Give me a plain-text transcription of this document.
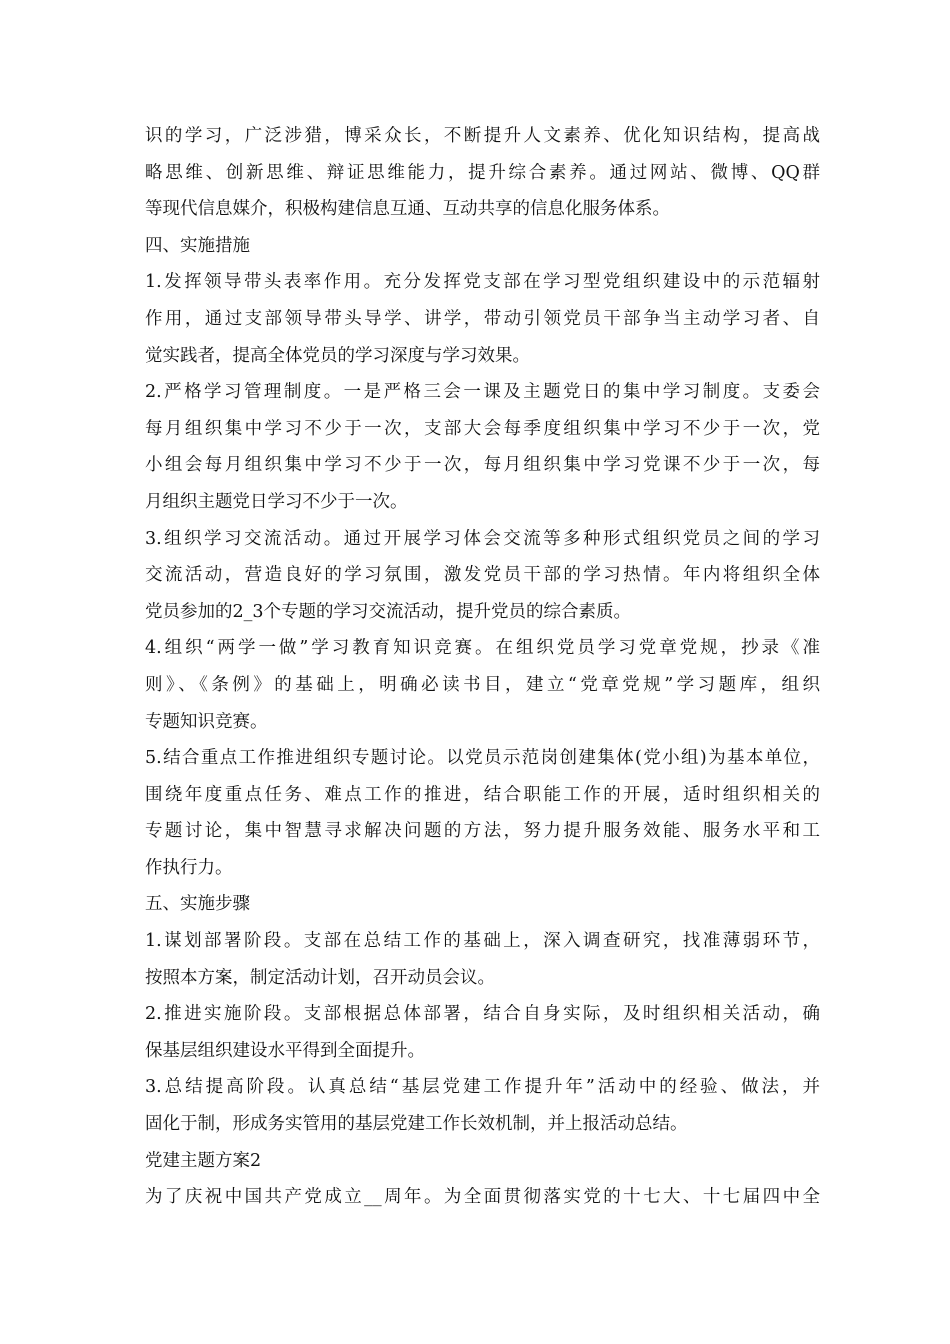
识的学习，广泛涉猎，博采众长，不断提升人文素养、优化知识结构，提高战
略思维、创新思维、辩证思维能力，提升综合素养。通过网站、微博、QQ群
等现代信息媒介，积极构建信息互通、互动共享的信息化服务体系。
四、实施措施
1.发挥领导带头表率作用。充分发挥党支部在学习型党组织建设中的示范辐射
作用，通过支部领导带头导学、讲学，带动引领党员干部争当主动学习者、自
觉实践者，提高全体党员的学习深度与学习效果。
2.严格学习管理制度。一是严格三会一课及主题党日的集中学习制度。支委会
每月组织集中学习不少于一次，支部大会每季度组织集中学习不少于一次，党
小组会每月组织集中学习不少于一次，每月组织集中学习党课不少于一次，每
月组织主题党日学习不少于一次。
3.组织学习交流活动。通过开展学习体会交流等多种形式组织党员之间的学习
交流活动，营造良好的学习氛围，激发党员干部的学习热情。年内将组织全体
党员参加的2_3个专题的学习交流活动，提升党员的综合素质。
4.组织“两学一做”学习教育知识竞赛。在组织党员学习党章党规，抄录《准
则》、《条例》的基础上，明确必读书目，建立“党章党规”学习题库，组织
专题知识竞赛。
5.结合重点工作推进组织专题讨论。以党员示范岗创建集体(党小组)为基本单位，
围绕年度重点任务、难点工作的推进，结合职能工作的开展，适时组织相关的
专题讨论，集中智慧寻求解决问题的方法，努力提升服务效能、服务水平和工
作执行力。
五、实施步骤
1.谋划部署阶段。支部在总结工作的基础上，深入调查研究，找准薄弱环节，
按照本方案，制定活动计划，召开动员会议。
2.推进实施阶段。支部根据总体部署，结合自身实际，及时组织相关活动，确
保基层组织建设水平得到全面提升。
3.总结提高阶段。认真总结“基层党建工作提升年”活动中的经验、做法，并
固化于制，形成务实管用的基层党建工作长效机制，并上报活动总结。
党建主题方案2
为了庆祝中国共产党成立__周年。为全面贯彻落实党的十七大、十七届四中全
